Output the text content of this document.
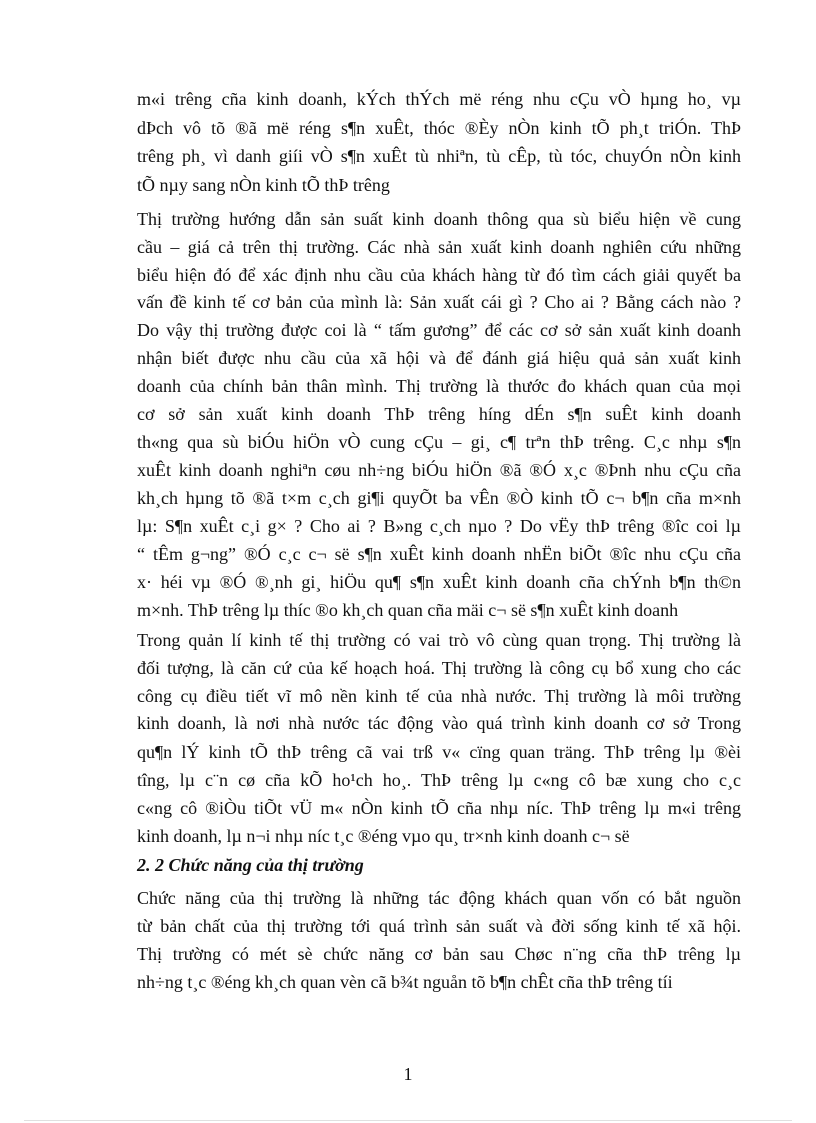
m«i trêng cña kinh doanh, kÝch thÝch më réng nhu cÇu vÒ hµng ho¸ vµ
dÞch vô tõ ®ã më réng s¶n xuÊt, thóc ®Èy nÒn kinh tÕ ph¸t triÓn. ThÞ
trêng ph¸ vì danh giíi vÒ s¶n xuÊt tù nhiªn, tù cÊp, tù tóc, chuyÓn nÒn kinh
tÕ nµy sang nÒn kinh tÕ thÞ trêng
Thị trường hướng dẫn sản suất kinh doanh thông qua sù biểu hiện về cung
cầu – giá cả trên thị trường. Các nhà sản xuất kinh doanh nghiên cứu những
biểu hiện đó để xác định nhu cầu của khách hàng từ đó tìm cách giải quyết ba
vấn đề kinh tế cơ bản của mình là: Sản xuất cái gì ? Cho ai ? Bằng cách nào ?
Do vậy thị trường được coi là “ tấm gương” để các cơ sở sản xuất kinh doanh
nhận biết được nhu cầu của xã hội và để đánh giá hiệu quả sản xuất kinh
doanh của chính bản thân mình. Thị trường là thước đo khách quan của mọi
cơ sở sản xuất kinh doanh ThÞ trêng híng dÉn s¶n suÊt kinh doanh
th«ng qua sù biÓu hiÖn vÒ cung cÇu – gi¸ c¶ trªn thÞ trêng. C¸c nhµ s¶n
xuÊt kinh doanh nghiªn cøu nh÷ng biÓu hiÖn ®ã ®Ó x¸c ®Þnh nhu cÇu cña
kh¸ch hµng tõ ®ã t×m c¸ch gi¶i quyÕt ba vÊn ®Ò kinh tÕ c¬ b¶n cña m×nh
lµ: S¶n xuÊt c¸i g× ? Cho ai ? B»ng c¸ch nµo ? Do vËy thÞ trêng ®îc coi lµ
“ tÊm g¬ng” ®Ó c¸c c¬ së s¶n xuÊt kinh doanh nhËn biÕt ®îc nhu cÇu cña
x· héi vµ ®Ó ®¸nh gi¸ hiÖu qu¶ s¶n xuÊt kinh doanh cña chÝnh b¶n th©n
m×nh. ThÞ trêng lµ thíc ®o kh¸ch quan cña mäi c¬ së s¶n xuÊt kinh doanh
Trong quản lí kinh tế thị trường có vai trò vô cùng quan trọng. Thị trường là
đối tượng, là căn cứ của kế hoạch hoá. Thị trường là công cụ bổ xung cho các
công cụ điều tiết vĩ mô nền kinh tế của nhà nước. Thị trường là môi trường
kinh doanh, là nơi nhà nước tác động vào quá trình kinh doanh cơ sở Trong
qu¶n lÝ kinh tÕ thÞ trêng cã vai trß v« cïng quan träng. ThÞ trêng lµ ®èi
tîng, lµ c¨n cø cña kÕ ho¹ch ho¸. ThÞ trêng lµ c«ng cô bæ xung cho c¸c
c«ng cô ®iÒu tiÕt vÜ m« nÒn kinh tÕ cña nhµ níc. ThÞ trêng lµ m«i trêng
kinh doanh, lµ n¬i nhµ níc t¸c ®éng vµo qu¸ tr×nh kinh doanh c¬ së
2. 2 Chức năng của thị trường
Chức năng của thị trường là những tác động khách quan vốn có bắt nguồn
từ bản chất của thị trường tới quá trình sản suất và đời sống kinh tế xã hội.
Thị trường có mét sè chức năng cơ bản sau Chøc n¨ng cña thÞ trêng lµ
nh÷ng t¸c ®éng kh¸ch quan vèn cã b¾t nguån tõ b¶n chÊt cña thÞ trêng tíi
1
